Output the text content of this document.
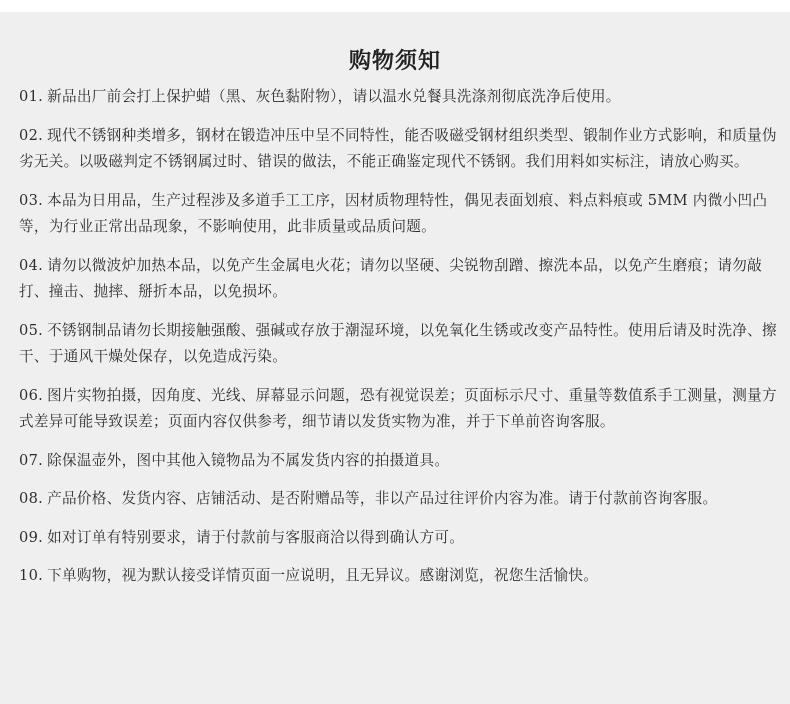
购物须知
01. 新品出厂前会打上保护蜡（黑、灰色黏附物），请以温水兑餐具洗涤剂彻底洗净后使用。
02. 现代不锈钢种类增多，钢材在锻造冲压中呈不同特性，能否吸磁受钢材组织类型、锻制作业方式影响，和质量伪劣无关。以吸磁判定不锈钢属过时、错误的做法，不能正确鉴定现代不锈钢。我们用料如实标注，请放心购买。
03. 本品为日用品，生产过程涉及多道手工工序，因材质物理特性，偶见表面划痕、料点料痕或 5MM 内微小凹凸等，为行业正常出品现象，不影响使用，此非质量或品质问题。
04. 请勿以微波炉加热本品，以免产生金属电火花；请勿以坚硬、尖锐物刮蹭、擦洗本品，以免产生磨痕；请勿敲打、撞击、抛摔、掰折本品，以免损坏。
05. 不锈钢制品请勿长期接触强酸、强碱或存放于潮湿环境，以免氧化生锈或改变产品特性。使用后请及时洗净、擦干、于通风干燥处保存，以免造成污染。
06. 图片实物拍摄，因角度、光线、屏幕显示问题，恐有视觉误差；页面标示尺寸、重量等数值系手工测量，测量方式差异可能导致误差；页面内容仅供参考，细节请以发货实物为准，并于下单前咨询客服。
07. 除保温壶外，图中其他入镜物品为不属发货内容的拍摄道具。
08. 产品价格、发货内容、店铺活动、是否附赠品等，非以产品过往评价内容为准。请于付款前咨询客服。
09. 如对订单有特别要求，请于付款前与客服商洽以得到确认方可。
10. 下单购物，视为默认接受详情页面一应说明，且无异议。感谢浏览，祝您生活愉快。
